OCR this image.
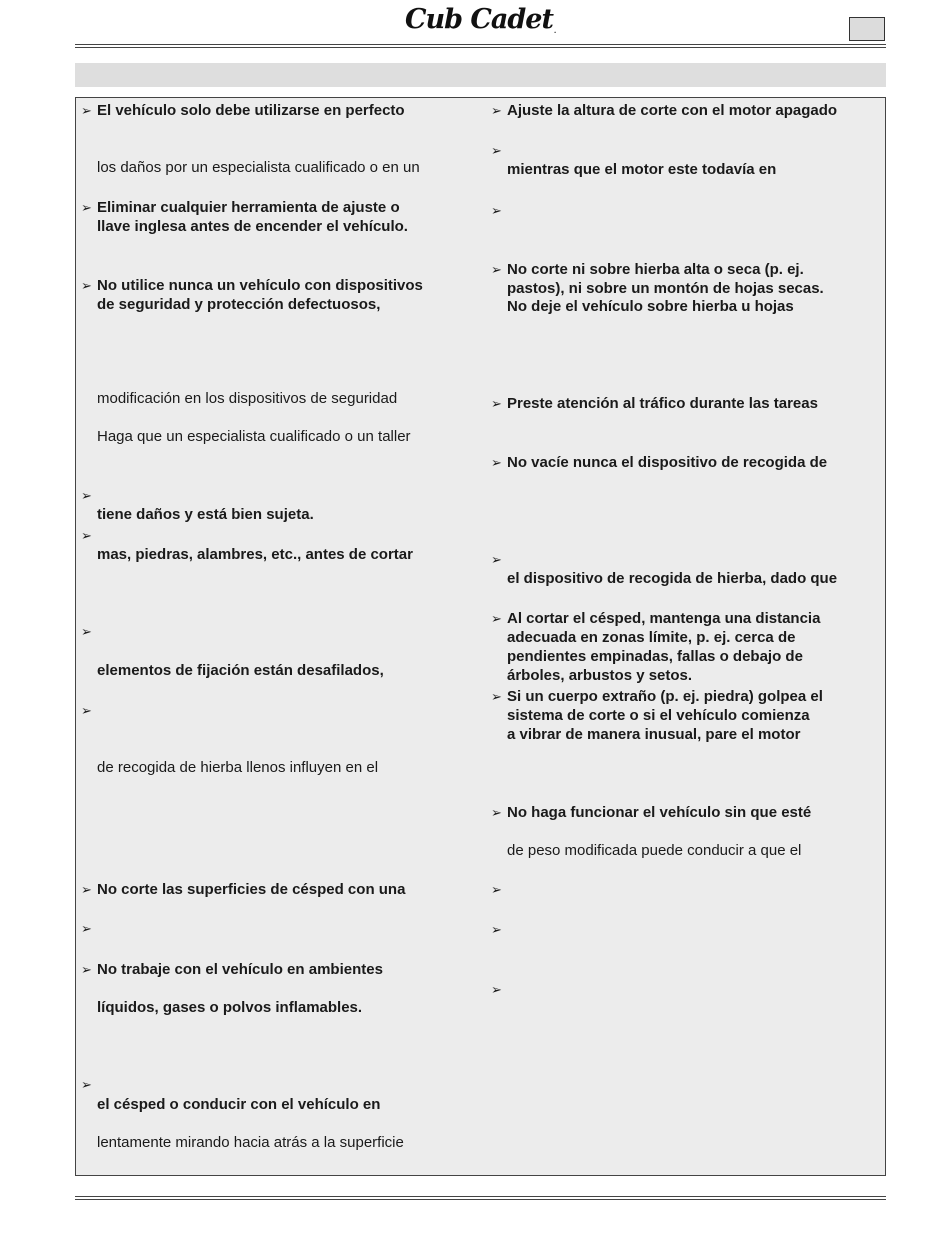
Cub Cadet.
➢ El vehículo solo debe utilizarse en perfecto
los daños por un especialista cualificado o en un
➢ Eliminar cualquier herramienta de ajuste o
llave inglesa antes de encender el vehículo.
➢ No utilice nunca un vehículo con dispositivos
de seguridad y protección defectuosos,
modificación en los dispositivos de seguridad
Haga que un especialista cualificado o un taller
➢
tiene daños y está bien sujeta.
➢
mas, piedras, alambres, etc., antes de cortar
➢
elementos de fijación están desafilados,
➢
de recogida de hierba llenos influyen en el
➢ No corte las superficies de césped con una
➢
➢ No trabaje con el vehículo en ambientes
líquidos, gases o polvos inflamables.
➢
el césped o conducir con el vehículo en
lentamente mirando hacia atrás a la superficie
➢ Ajuste la altura de corte con el motor apagado
➢
mientras que el motor este todavía en
➢
➢ No corte ni sobre hierba alta o seca (p. ej.
pastos), ni sobre un montón de hojas secas.
No deje el vehículo sobre hierba u hojas
➢ Preste atención al tráfico durante las tareas
➢ No vacíe nunca el dispositivo de recogida de
➢
el dispositivo de recogida de hierba, dado que
➢ Al cortar el césped, mantenga una distancia
adecuada en zonas límite, p. ej. cerca de
pendientes empinadas, fallas o debajo de
árboles, arbustos y setos.
➢ Si un cuerpo extraño (p. ej. piedra) golpea el
sistema de corte o si el vehículo comienza
a vibrar de manera inusual, pare el motor
➢ No haga funcionar el vehículo sin que esté
de peso modificada puede conducir a que el
➢
➢
➢
